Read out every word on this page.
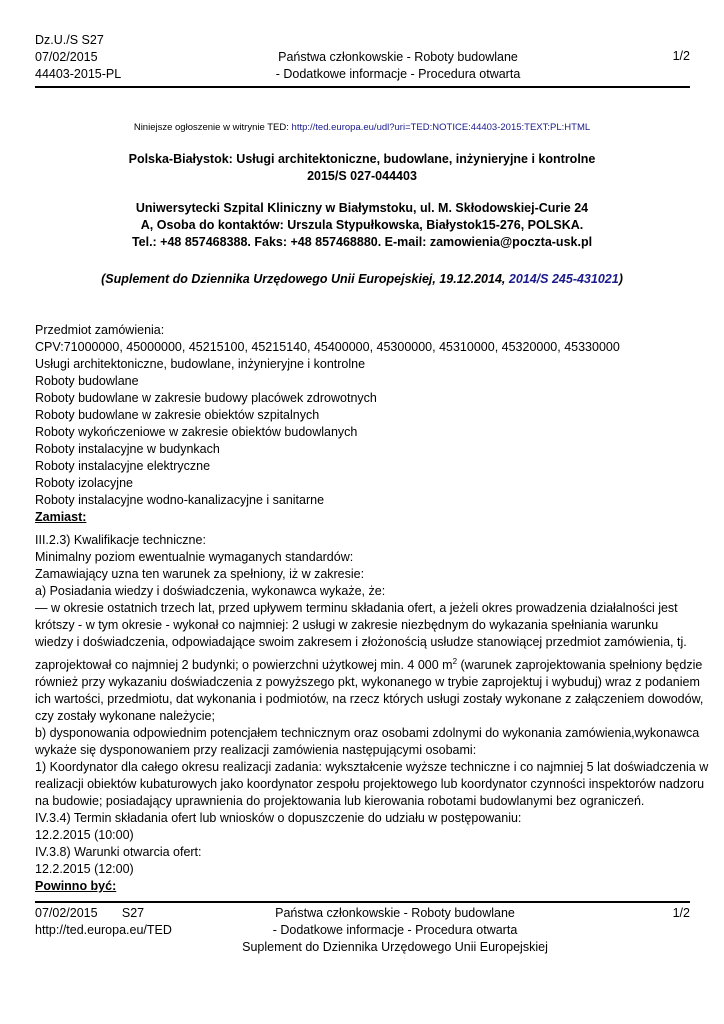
Dz.U./S S27
07/02/2015
44403-2015-PL
Państwa członkowskie - Roboty budowlane
- Dodatkowe informacje - Procedura otwarta
1/2
Niniejsze ogłoszenie w witrynie TED: http://ted.europa.eu/udl?uri=TED:NOTICE:44403-2015:TEXT:PL:HTML
Polska-Białystok: Usługi architektoniczne, budowlane, inżynieryjne i kontrolne
2015/S 027-044403
Uniwersytecki Szpital Kliniczny w Białymstoku, ul. M. Skłodowskiej-Curie 24
A, Osoba do kontaktów: Urszula Stypułkowska, Białystok15-276, POLSKA.
Tel.: +48 857468388. Faks: +48 857468880. E-mail: zamowienia@poczta-usk.pl
(Suplement do Dziennika Urzędowego Unii Europejskiej, 19.12.2014, 2014/S 245-431021)
Przedmiot zamówienia:
CPV:71000000, 45000000, 45215100, 45215140, 45400000, 45300000, 45310000, 45320000, 45330000
Usługi architektoniczne, budowlane, inżynieryjne i kontrolne
Roboty budowlane
Roboty budowlane w zakresie budowy placówek zdrowotnych
Roboty budowlane w zakresie obiektów szpitalnych
Roboty wykończeniowe w zakresie obiektów budowlanych
Roboty instalacyjne w budynkach
Roboty instalacyjne elektryczne
Roboty izolacyjne
Roboty instalacyjne wodno-kanalizacyjne i sanitarne
Zamiast:
III.2.3) Kwalifikacje techniczne:
Minimalny poziom ewentualnie wymaganych standardów:
Zamawiający uzna ten warunek za spełniony, iż w zakresie:
a) Posiadania wiedzy i doświadczenia, wykonawca wykaże, że:
— w okresie ostatnich trzech lat, przed upływem terminu składania ofert, a jeżeli okres prowadzenia działalności jest
krótszy - w tym okresie - wykonał co najmniej: 2 usługi w zakresie niezbędnym do wykazania spełniania warunku
wiedzy i doświadczenia, odpowiadające swoim zakresem i złożonością usłudze stanowiącej przedmiot zamówienia, tj.
zaprojektował co najmniej 2 budynki; o powierzchni użytkowej min. 4 000 $m^2$ (warunek zaprojektowania spełniony będzie
również przy wykazaniu doświadczenia z powyższego pkt, wykonanego w trybie zaprojektuj i wybuduj) wraz z podaniem
ich wartości, przedmiotu, dat wykonania i podmiotów, na rzecz których usługi zostały wykonane z załączeniem dowodów,
czy zostały wykonane należycie;
b) dysponowania odpowiednim potencjałem technicznym oraz osobami zdolnymi do wykonania zamówienia,wykonawca
wykaże się dysponowaniem przy realizacji zamówienia następującymi osobami:
1) Koordynator dla całego okresu realizacji zadania: wykształcenie wyższe techniczne i co najmniej 5 lat doświadczenia w
realizacji obiektów kubaturowych jako koordynator zespołu projektowego lub koordynator czynności inspektorów nadzoru
na budowie; posiadający uprawnienia do projektowania lub kierowania robotami budowlanymi bez ograniczeń.
IV.3.4) Termin składania ofert lub wniosków o dopuszczenie do udziału w postępowaniu:
12.2.2015 (10:00)
IV.3.8) Warunki otwarcia ofert:
12.2.2015 (12:00)
Powinno być:
07/02/2015 S27
http://ted.europa.eu/TED
Państwa członkowskie - Roboty budowlane
- Dodatkowe informacje - Procedura otwarta
Suplement do Dziennika Urzędowego Unii Europejskiej
1/2
